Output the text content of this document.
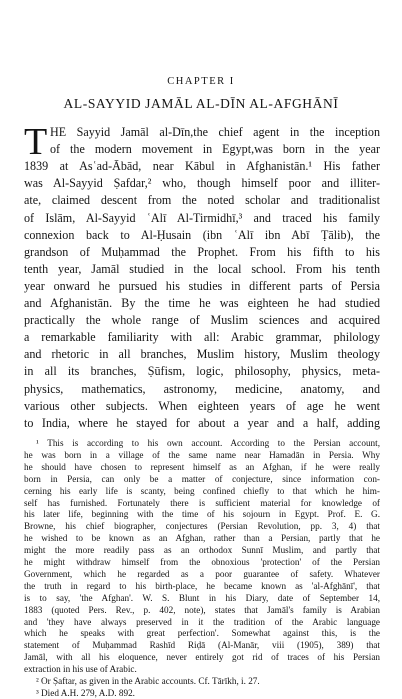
CHAPTER I
AL-SAYYID JAMĀL AL-DĪN AL-AFGHĀNĪ
T HE Sayyid Jamāl al-Dīn,the chief agent in the inception
of the modern movement in Egypt,was born in the year
1839 at Asʿad-Ābād, near Kābul in Afghanistān.¹ His father
was Al-Sayyid Ṣafdar,² who, though himself poor and illiter-
ate, claimed descent from the noted scholar and traditionalist
of Islām, Al-Sayyid ʿAlī Al-Tirmidhī,³ and traced his family
connexion back to Al-Ḥusain (ibn ʿAlī ibn Abī Ṭālib), the
grandson of Muḥammad the Prophet. From his fifth to his
tenth year, Jamāl studied in the local school. From his tenth
year onward he pursued his studies in different parts of Persia
and Afghanistān. By the time he was eighteen he had studied
practically the whole range of Muslim sciences and acquired
a remarkable familiarity with all: Arabic grammar, philology
and rhetoric in all branches, Muslim history, Muslim theology
in all its branches, Ṣūfism, logic, philosophy, physics, meta-
physics, mathematics, astronomy, medicine, anatomy, and
various other subjects. When eighteen years of age he went
to India, where he stayed for about a year and a half, adding
¹ This is according to his own account. According to the Persian account,
he was born in a village of the same name near Hamadān in Persia. Why
he should have chosen to represent himself as an Afghan, if he were really
born in Persia, can only be a matter of conjecture, since information con-
cerning his early life is scanty, being confined chiefly to that which he him-
self has furnished. Fortunately there is sufficient material for knowledge of
his later life, beginning with the time of his sojourn in Egypt. Prof. E. G.
Browne, his chief biographer, conjectures (Persian Revolution, pp. 3, 4) that
he wished to be known as an Afghan, rather than a Persian, partly that he
might the more readily pass as an orthodox Sunnī Muslim, and partly that
he might withdraw himself from the obnoxious 'protection' of the Persian
Government, which he regarded as a poor guarantee of safety. Whatever
the truth in regard to his birth-place, he became known as 'al-Afghānī', that
is to say, 'the Afghan'. W. S. Blunt in his Diary, date of September 14,
1883 (quoted Pers. Rev., p. 402, note), states that Jamāl's family is Arabian
and 'they have always preserved in it the tradition of the Arabic language
which he speaks with great perfection'. Somewhat against this, is the
statement of Muḥammad Rashīd Riḍā (Al-Manār, viii (1905), 389) that
Jamāl, with all his eloquence, never entirely got rid of traces of his Persian
extraction in his use of Arabic.
² Or Ṣaftar, as given in the Arabic accounts. Cf. Tārīkh, i. 27.
³ Died A.H. 279, A.D. 892.
